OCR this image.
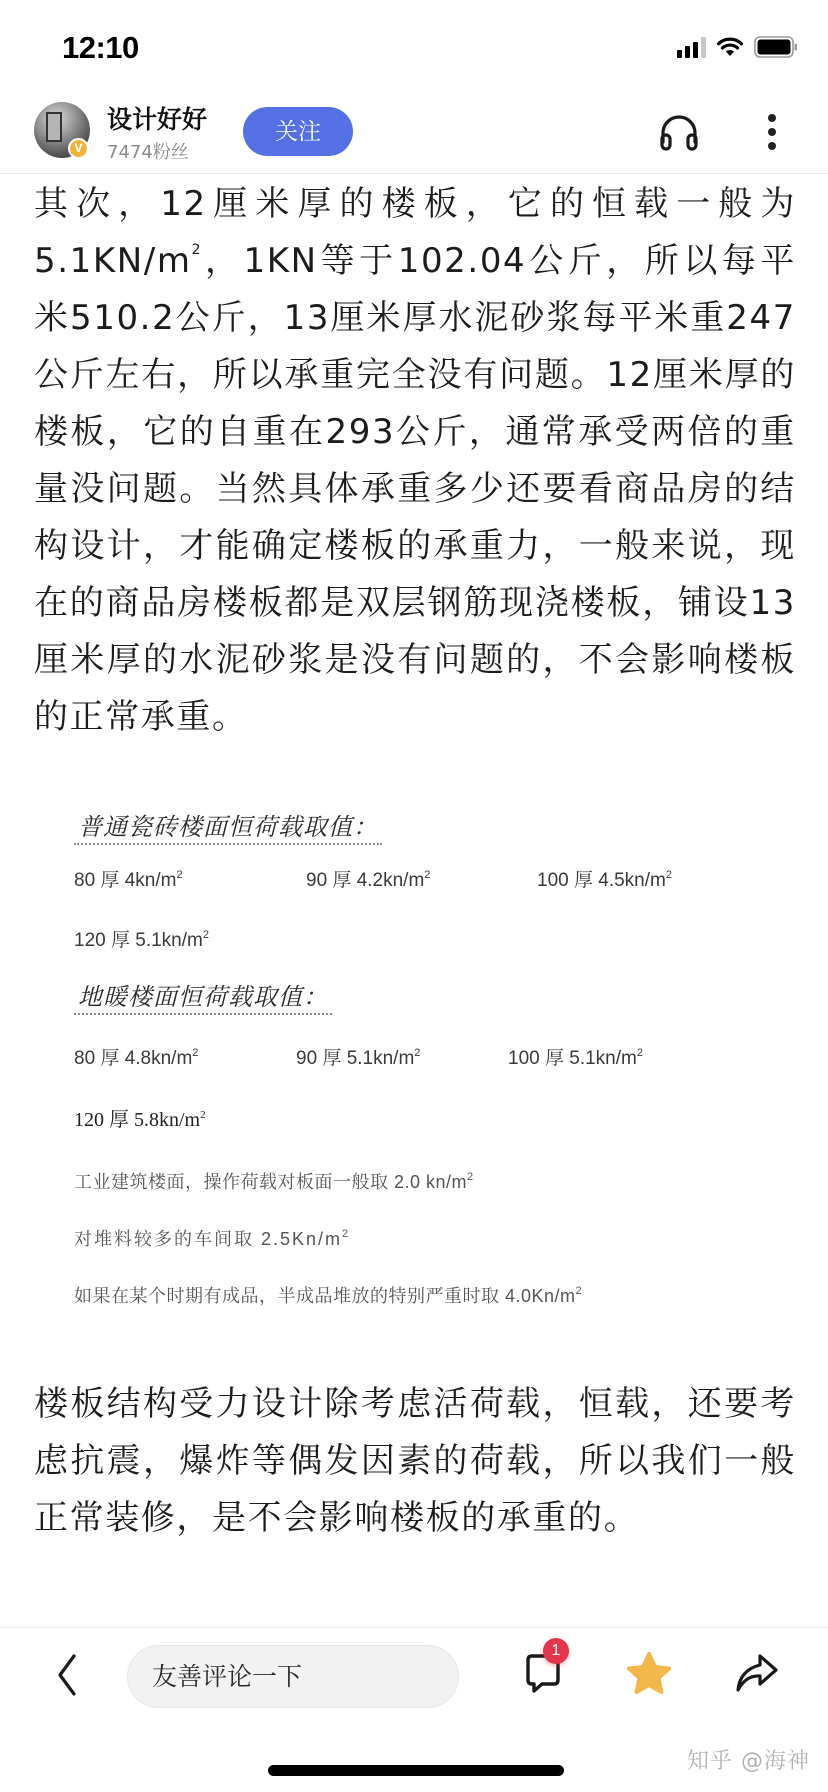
12:10
V
设计好好
7474粉丝
关注

其次，12厘米厚的楼板，它的恒载一般为$5.1KN/m^2$，1KN等于102.04公斤，所以每平米510.2公斤，13厘米厚水泥砂浆每平米重247公斤左右，所以承重完全没有问题。12厘米厚的楼板，它的自重在293公斤，通常承受两倍的重量没问题。当然具体承重多少还要看商品房的结构设计，才能确定楼板的承重力，一般来说，现在的商品房楼板都是双层钢筋现浇楼板，铺设13厘米厚的水泥砂浆是没有问题的，不会影响楼板的正常承重。

普通瓷砖楼面恒荷载取值：
80 厚 $4kn/m^2$	90 厚 $4.2kn/m^2$	100 厚 $4.5kn/m^2$
120 厚 $5.1kn/m^2$
地暖楼面恒荷载取值：
80 厚 $4.8kn/m^2$	90 厚 $5.1kn/m^2$	100 厚 $5.1kn/m^2$
120 厚 $5.8kn/m^2$
工业建筑楼面，操作荷载对板面一般取 2.0 $kn/m^2$
对堆料较多的车间取 $2.5Kn/m^2$
如果在某个时期有成品，半成品堆放的特别严重时取 $4.0Kn/m^2$

楼板结构受力设计除考虑活荷载，恒载，还要考虑抗震，爆炸等偶发因素的荷载，所以我们一般正常装修，是不会影响楼板的承重的。

友善评论一下
1
知乎 @海神
